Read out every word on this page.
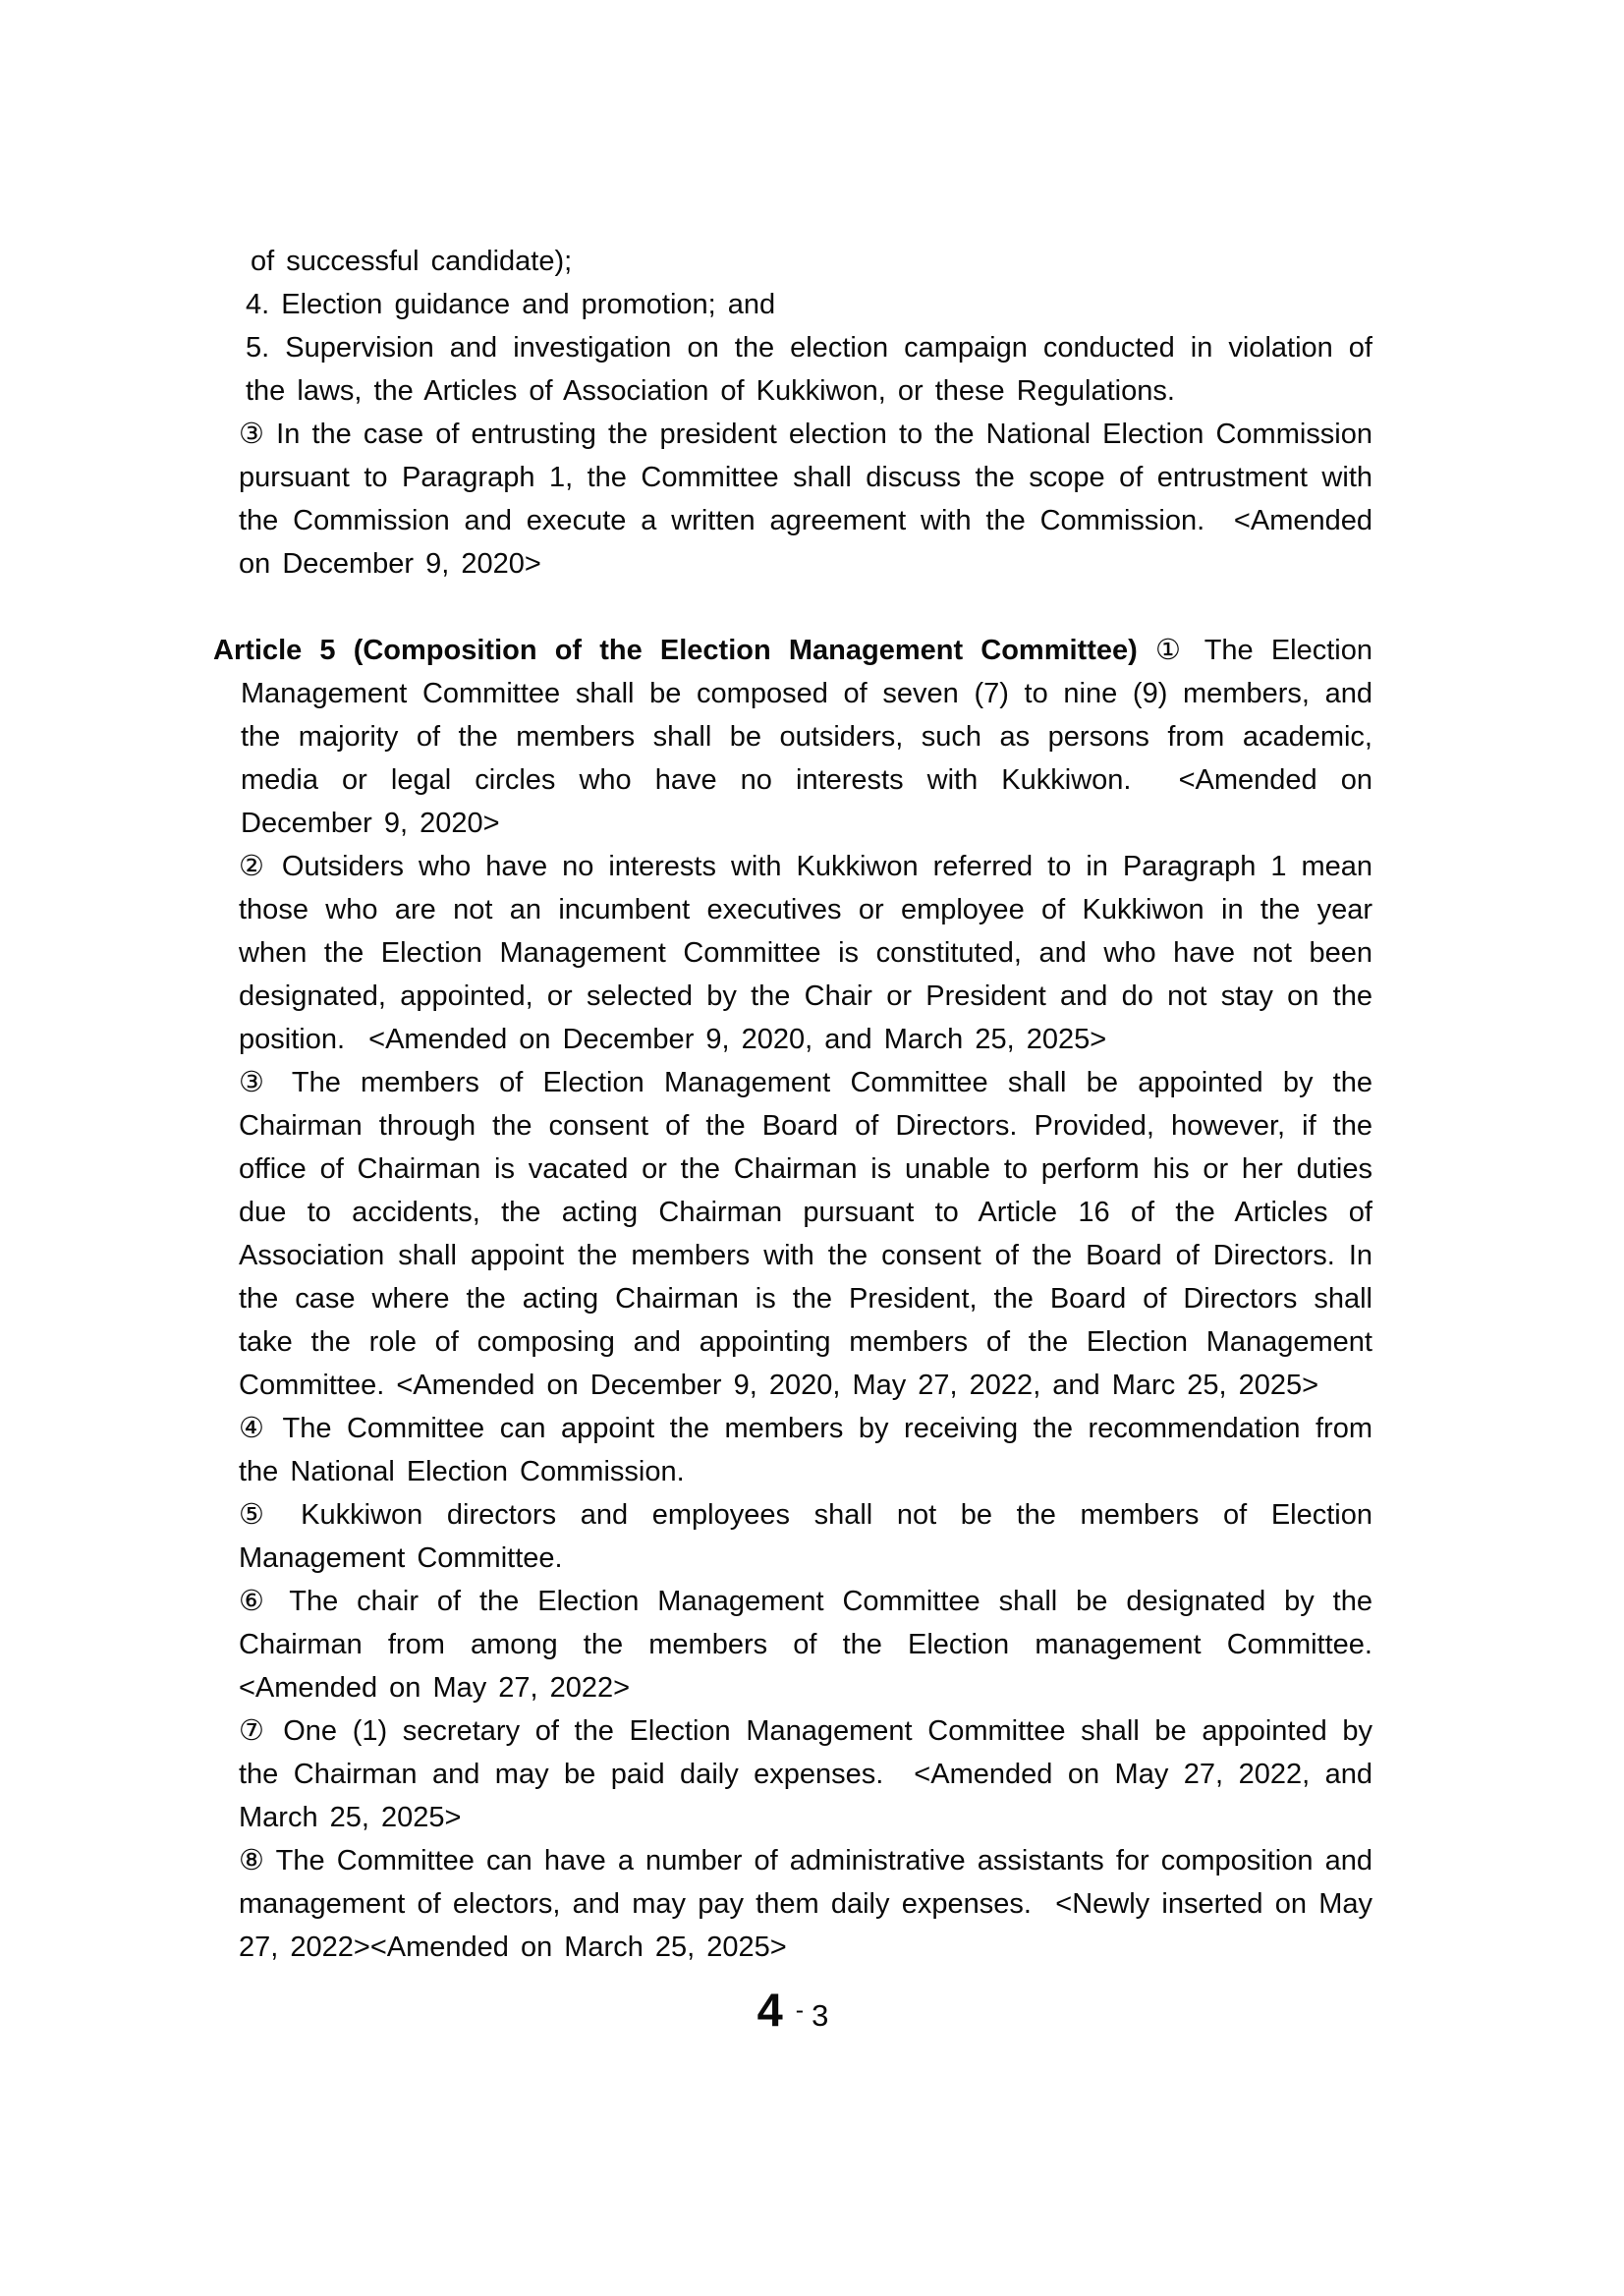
of successful candidate);
4. Election guidance and promotion; and
5. Supervision and investigation on the election campaign conducted in violation of the laws, the Articles of Association of Kukkiwon, or these Regulations.
③ In the case of entrusting the president election to the National Election Commission pursuant to Paragraph 1, the Committee shall discuss the scope of entrustment with the Commission and execute a written agreement with the Commission.  <Amended on December 9, 2020>
Article 5 (Composition of the Election Management Committee) ① The Election Management Committee shall be composed of seven (7) to nine (9) members, and the majority of the members shall be outsiders, such as persons from academic, media or legal circles who have no interests with Kukkiwon.  <Amended on December 9, 2020>
② Outsiders who have no interests with Kukkiwon referred to in Paragraph 1 mean those who are not an incumbent executives or employee of Kukkiwon in the year when the Election Management Committee is constituted, and who have not been designated, appointed, or selected by the Chair or President and do not stay on the position.  <Amended on December 9, 2020, and March 25, 2025>
③ The members of Election Management Committee shall be appointed by the Chairman through the consent of the Board of Directors. Provided, however, if the office of Chairman is vacated or the Chairman is unable to perform his or her duties due to accidents, the acting Chairman pursuant to Article 16 of the Articles of Association shall appoint the members with the consent of the Board of Directors. In the case where the acting Chairman is the President, the Board of Directors shall take the role of composing and appointing members of the Election Management Committee. <Amended on December 9, 2020, May 27, 2022, and Marc 25, 2025>
④ The Committee can appoint the members by receiving the recommendation from the National Election Commission.
⑤ Kukkiwon directors and employees shall not be the members of Election Management Committee.
⑥ The chair of the Election Management Committee shall be designated by the Chairman from among the members of the Election management Committee. <Amended on May 27, 2022>
⑦ One (1) secretary of the Election Management Committee shall be appointed by the Chairman and may be paid daily expenses.  <Amended on May 27, 2022, and March 25, 2025>
⑧ The Committee can have a number of administrative assistants for composition and management of electors, and may pay them daily expenses.  <Newly inserted on May 27, 2022><Amended on March 25, 2025>
4 - 3
